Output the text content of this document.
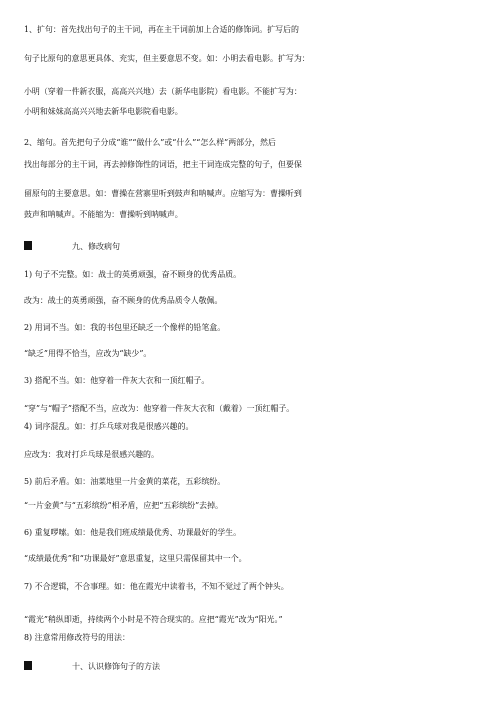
1、扩句：首先找出句子的主干词，再在主干词前加上合适的修饰词。扩写后的
句子比原句的意思更具体、充实，但主要意思不变。如：小明去看电影。扩写为：
小明（穿着一件新衣服，高高兴兴地）去（新华电影院）看电影。不能扩写为：
小明和妹妹高高兴兴地去新华电影院看电影。
2、缩句。首先把句子分成“谁”“做什么”或“什么”“怎么样”两部分，然后
找出每部分的主干词，再去掉修饰性的词语，把主干词连成完整的句子，但要保
留原句的主要意思。如：曹操在营寨里听到鼓声和呐喊声。应缩写为：曹操听到
鼓声和呐喊声。不能缩为：曹操听到呐喊声。
九、修改病句
1) 句子不完整。如：战士的英勇顽强，奋不顾身的优秀品质。
改为：战士的英勇顽强，奋不顾身的优秀品质令人敬佩。
2) 用词不当。如：我的书包里还缺乏一个像样的铅笔盒。
“缺乏”用得不恰当，应改为“缺少”。
3) 搭配不当。如：他穿着一件灰大衣和一顶红帽子。
“穿”与“帽子”搭配不当，应改为：他穿着一件灰大衣和（戴着）一顶红帽子。
4) 词序混乱。如：打乒乓球对我是很感兴趣的。
应改为：我对打乒乓球是很感兴趣的。
5) 前后矛盾。如：油菜地里一片金黄的菜花，五彩缤纷。
“一片金黄”与“五彩缤纷”相矛盾，应把“五彩缤纷”去掉。
6) 重复啰嗦。如：他是我们班成绩最优秀、功课最好的学生。
“成绩最优秀”和“功课最好”意思重复，这里只需保留其中一个。
7) 不合逻辑，不合事理。如：他在霞光中读着书，不知不觉过了两个钟头。
“霞光”稍纵即逝，持续两个小时是不符合现实的。应把“霞光”改为“阳光。”
8) 注意常用修改符号的用法：
十、认识修饰句子的方法
